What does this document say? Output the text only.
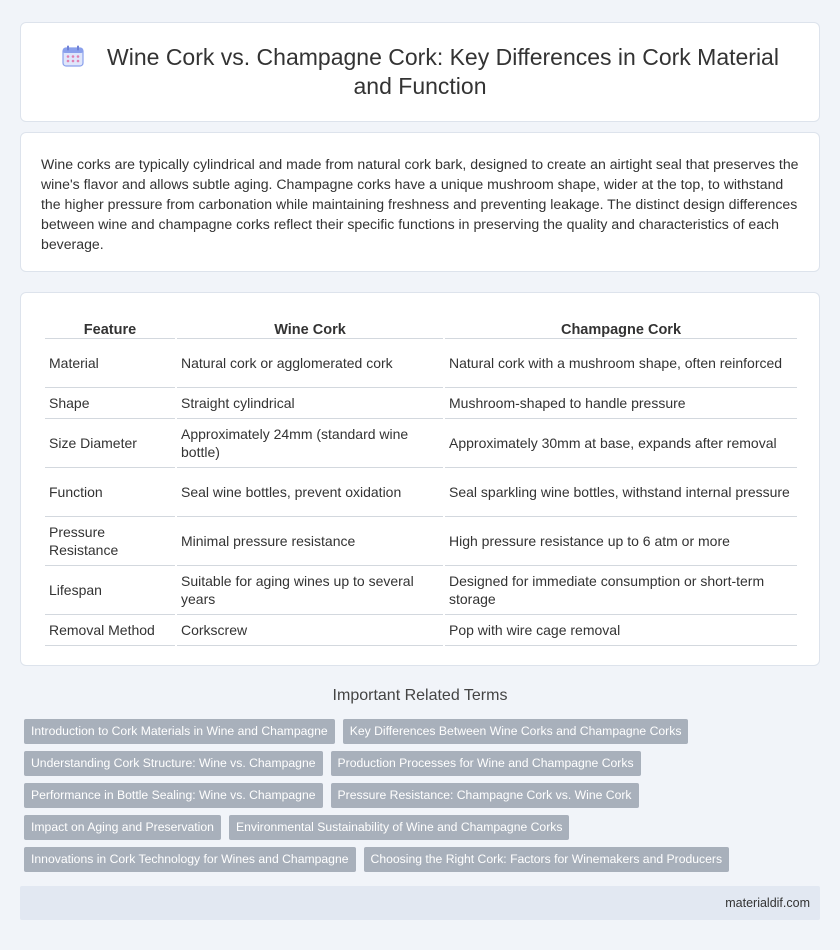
Wine Cork vs. Champagne Cork: Key Differences in Cork Material and Function

Wine corks are typically cylindrical and made from natural cork bark, designed to create an airtight seal that preserves the wine's flavor and allows subtle aging. Champagne corks have a unique mushroom shape, wider at the top, to withstand the higher pressure from carbonation while maintaining freshness and preventing leakage. The distinct design differences between wine and champagne corks reflect their specific functions in preserving the quality and characteristics of each beverage.

Feature	Wine Cork	Champagne Cork
Material	Natural cork or agglomerated cork	Natural cork with a mushroom shape, often reinforced
Shape	Straight cylindrical	Mushroom-shaped to handle pressure
Size Diameter	Approximately 24mm (standard wine bottle)	Approximately 30mm at base, expands after removal
Function	Seal wine bottles, prevent oxidation	Seal sparkling wine bottles, withstand internal pressure
Pressure Resistance	Minimal pressure resistance	High pressure resistance up to 6 atm or more
Lifespan	Suitable for aging wines up to several years	Designed for immediate consumption or short-term storage
Removal Method	Corkscrew	Pop with wire cage removal
Important Related Terms
Introduction to Cork Materials in Wine and Champagne Key Differences Between Wine Corks and Champagne Corks
Understanding Cork Structure: Wine vs. Champagne Production Processes for Wine and Champagne Corks
Performance in Bottle Sealing: Wine vs. Champagne Pressure Resistance: Champagne Cork vs. Wine Cork
Impact on Aging and Preservation Environmental Sustainability of Wine and Champagne Corks
Innovations in Cork Technology for Wines and Champagne Choosing the Right Cork: Factors for Winemakers and Producers
materialdif.com
